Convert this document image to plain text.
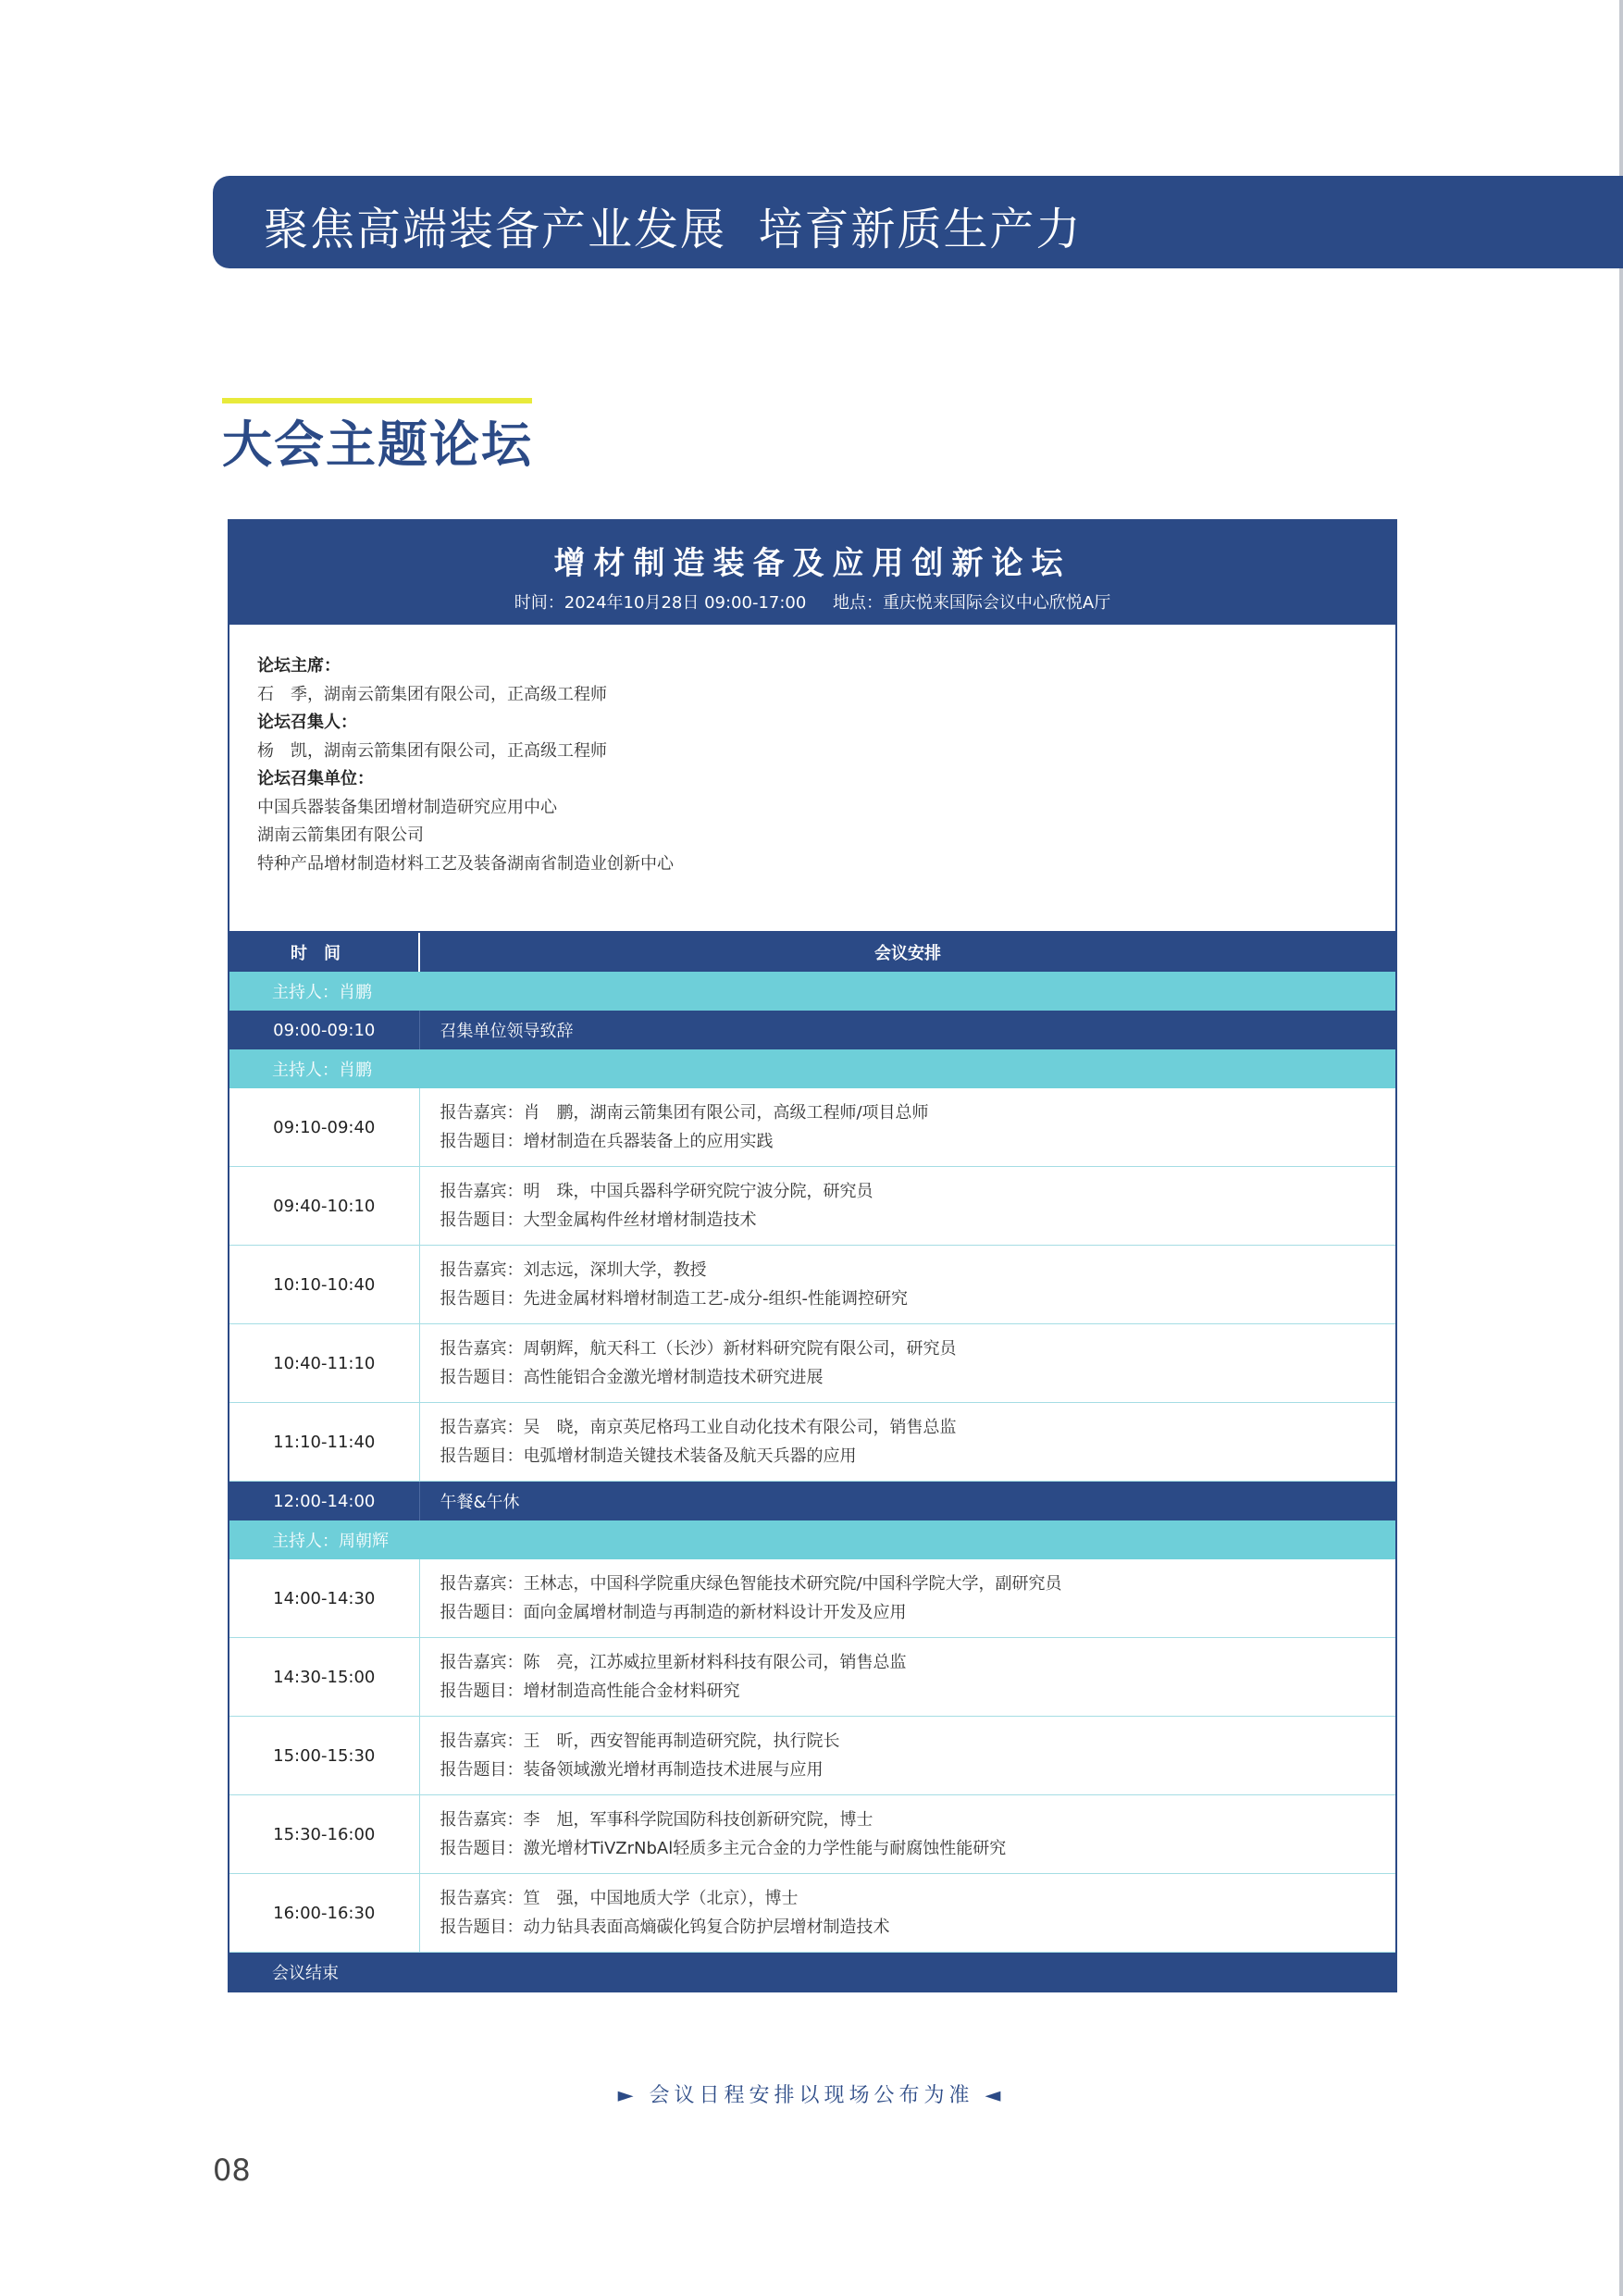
聚焦高端装备产业发展  培育新质生产力
大会主题论坛
增材制造装备及应用创新论坛
时间：2024年10月28日 09:00-17:00     地点：重庆悦来国际会议中心欣悦A厅
论坛主席：
石　季，湖南云箭集团有限公司，正高级工程师
论坛召集人：
杨　凯，湖南云箭集团有限公司，正高级工程师
论坛召集单位：
中国兵器装备集团增材制造研究应用中心
湖南云箭集团有限公司
特种产品增材制造材料工艺及装备湖南省制造业创新中心
时间	会议安排
主持人：肖鹏	
09:00-09:10	召集单位领导致辞
主持人：肖鹏	
09:10-09:40	报告嘉宾：肖　鹏，湖南云箭集团有限公司，高级工程师/项目总师
报告题目：增材制造在兵器装备上的应用实践

09:40-10:10	报告嘉宾：明　珠，中国兵器科学研究院宁波分院，研究员
报告题目：大型金属构件丝材增材制造技术

10:10-10:40	报告嘉宾：刘志远，深圳大学，教授
报告题目：先进金属材料增材制造工艺-成分-组织-性能调控研究

10:40-11:10	报告嘉宾：周朝辉，航天科工（长沙）新材料研究院有限公司，研究员
报告题目：高性能铝合金激光增材制造技术研究进展

11:10-11:40	报告嘉宾：吴　晓，南京英尼格玛工业自动化技术有限公司，销售总监
报告题目：电弧增材制造关键技术装备及航天兵器的应用

12:00-14:00	午餐&午休
主持人：周朝辉	
14:00-14:30	报告嘉宾：王林志，中国科学院重庆绿色智能技术研究院/中国科学院大学，副研究员
报告题目：面向金属增材制造与再制造的新材料设计开发及应用

14:30-15:00	报告嘉宾：陈　亮，江苏威拉里新材料科技有限公司，销售总监
报告题目：增材制造高性能合金材料研究

15:00-15:30	报告嘉宾：王　昕，西安智能再制造研究院，执行院长
报告题目：装备领域激光增材再制造技术进展与应用

15:30-16:00	报告嘉宾：李　旭，军事科学院国防科技创新研究院，博士
报告题目：激光增材TiVZrNbAl轻质多主元合金的力学性能与耐腐蚀性能研究

16:00-16:30	报告嘉宾：笪　强，中国地质大学（北京），博士
报告题目：动力钻具表面高熵碳化钨复合防护层增材制造技术

会议结束	
► 会议日程安排以现场公布为准 ◄
08
